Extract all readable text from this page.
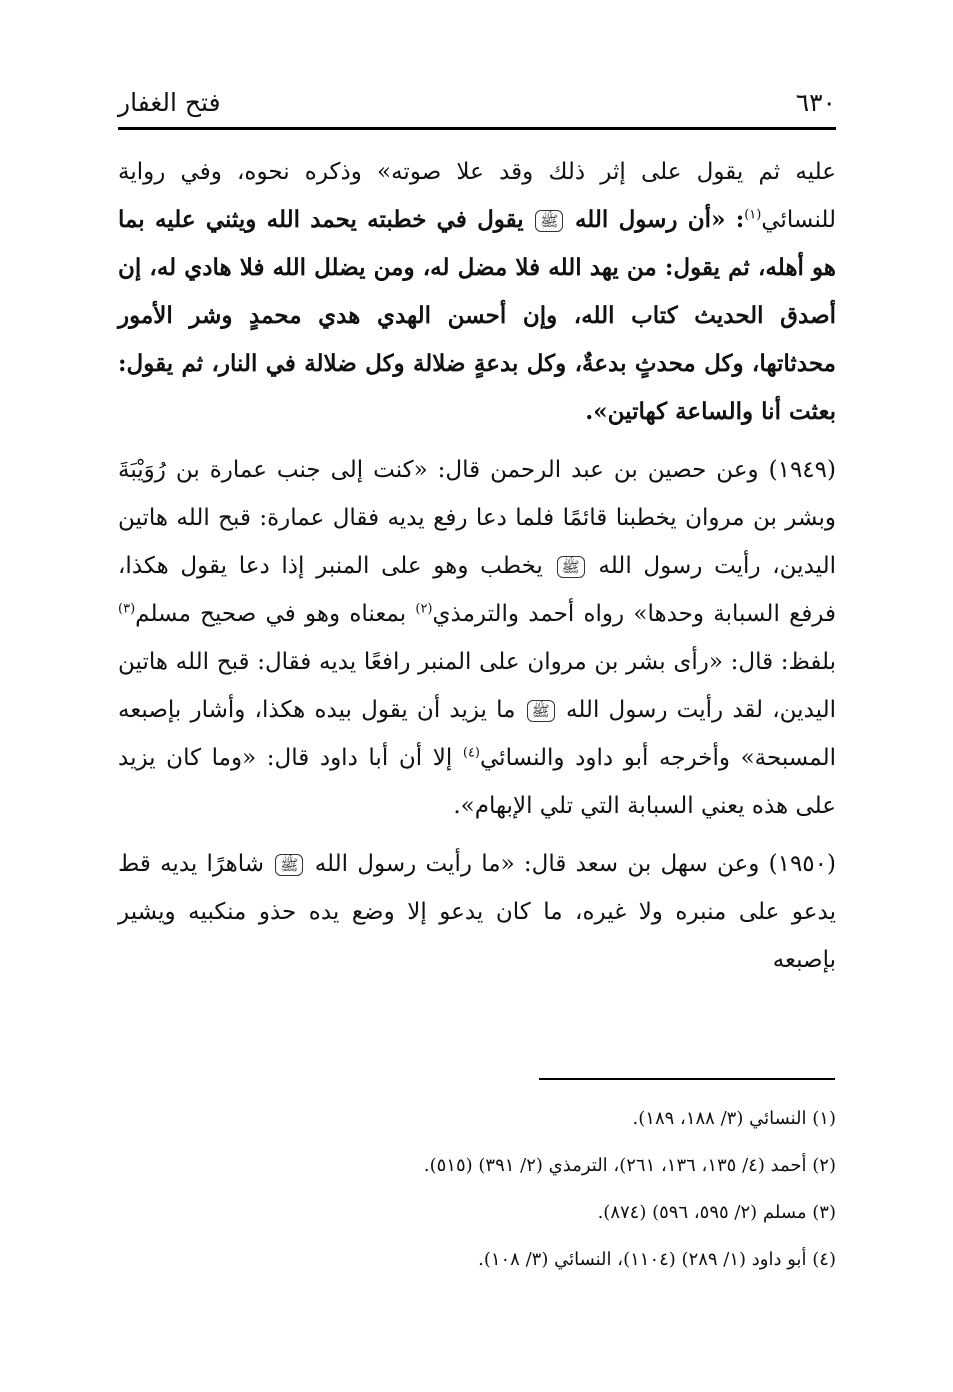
٦٣٠
فتح الغفار

عليه ثم يقول على إثر ذلك وقد علا صوته» وذكره نحوه، وفي رواية للنسائي$^{(١)}$: «أن رسول الله ﷺ يقول في خطبته يحمد الله ويثني عليه بما هو أهله، ثم يقول: من يهد الله فلا مضل له، ومن يضلل الله فلا هادي له، إن أصدق الحديث كتاب الله، وإن أحسن الهدي هدي محمدٍ وشر الأمور محدثاتها، وكل محدثٍ بدعةٌ، وكل بدعةٍ ضلالة وكل ضلالة في النار، ثم يقول: بعثت أنا والساعة كهاتين».

(١٩٤٩) وعن حصين بن عبد الرحمن قال: «كنت إلى جنب عمارة بن رُوَيْبَةَ وبشر بن مروان يخطبنا قائمًا فلما دعا رفع يديه فقال عمارة: قبح الله هاتين اليدين، رأيت رسول الله ﷺ يخطب وهو على المنبر إذا دعا يقول هكذا، فرفع السبابة وحدها» رواه أحمد والترمذي$^{(٢)}$ بمعناه وهو في صحيح مسلم$^{(٣)}$ بلفظ: قال: «رأى بشر بن مروان على المنبر رافعًا يديه فقال: قبح الله هاتين اليدين، لقد رأيت رسول الله ﷺ ما يزيد أن يقول بيده هكذا، وأشار بإصبعه المسبحة» وأخرجه أبو داود والنسائي$^{(٤)}$ إلا أن أبا داود قال: «وما كان يزيد على هذه يعني السبابة التي تلي الإبهام».

(١٩٥٠) وعن سهل بن سعد قال: «ما رأيت رسول الله ﷺ شاهرًا يديه قط يدعو على منبره ولا غيره، ما كان يدعو إلا وضع يده حذو منكبيه ويشير بإصبعه

(١) النسائي (٣/ ١٨٨، ١٨٩).
(٢) أحمد (٤/ ١٣٥، ١٣٦، ٢٦١)، الترمذي (٢/ ٣٩١) (٥١٥).
(٣) مسلم (٢/ ٥٩٥، ٥٩٦) (٨٧٤).
(٤) أبو داود (١/ ٢٨٩) (١١٠٤)، النسائي (٣/ ١٠٨).
